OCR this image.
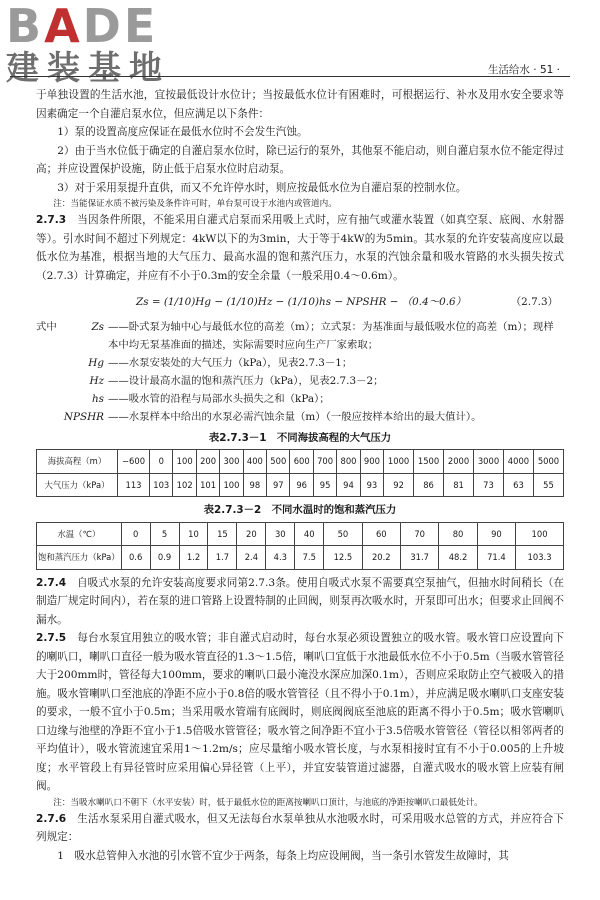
BADE
建装基地	生活给水 · 51 ·

于单独设置的生活水池，宜按最低设计水位计；当按最低水位计有困难时，可根据运行、补水及用水安全要求等因素确定一个自灌启泵水位，但应满足以下条件：

1）泵的设置高度应保证在最低水位时不会发生汽蚀。

2）由于当水位低于确定的自灌启泵水位时，除已运行的泵外，其他泵不能启动，则自灌启泵水位不能定得过高；并应设置保护设施，防止低于启泵水位时启动泵。

3）对于采用泵提升直供，而又不允许停水时，则应按最低水位为自灌启泵的控制水位。

注：当能保证水质不被污染及条件许可时，单台泵可设于水池内或管道内。

2.7.3　 当因条件所限，不能采用自灌式启泵而采用吸上式时，应有抽气或灌水装置（如真空泵、底阀、水射器等）。引水时间不超过下列规定：4kW以下的为3min，大于等于4kW的为5min。其水泵的允许安装高度应以最低水位为基准，根据当地的大气压力、最高水温的饱和蒸汽压力，水泵的汽蚀余量和吸水管路的水头损失按式（2.7.3）计算确定，并应有不小于0.3m的安全余量（一般采用0.4～0.6m）。

Zs = (1/10)Hg − (1/10)Hz − (1/10)hs − NPSHR − （0.4～0.6）	（2.7.3）
式中	Zs ——卧式泵为轴中心与最低水位的高差（m）；立式泵：为基准面与最低吸水位的高差（m）；现样本中均无泵基准面的描述，实际需要时应向生产厂家索取；
Hg ——水泵安装处的大气压力（kPa），见表2.7.3－1；
Hz ——设计最高水温的饱和蒸汽压力（kPa），见表2.7.3－2；
hs ——吸水管的沿程与局部水头损失之和（kPa）；
NPSHR ——水泵样本中给出的水泵必需汽蚀余量（m）（一般应按样本给出的最大值计）。
表2.7.3－1　不同海拔高程的大气压力
海拔高程（m）	−600	0	100	200	300	400	500	600	700	800	900	1000	1500	2000	3000	4000	5000
大气压力（kPa）	113	103	102	101	100	98	97	96	95	94	93	92	86	81	73	63	55
表2.7.3－2　不同水温时的饱和蒸汽压力
水温（℃）	0	5	10	15	20	30	40	50	60	70	80	90	100
饱和蒸汽压力（kPa）	0.6	0.9	1.2	1.7	2.4	4.3	7.5	12.5	20.2	31.7	48.2	71.4	103.3

2.7.4　 自吸式水泵的允许安装高度要求同第2.7.3条。使用自吸式水泵不需要真空泵抽气，但抽水时间稍长（在制造厂规定时间内），若在泵的进口管路上设置特制的止回阀，则泵再次吸水时，开泵即可出水；但要求止回阀不漏水。

2.7.5　 每台水泵宜用独立的吸水管；非自灌式启动时，每台水泵必须设置独立的吸水管。吸水管口应设置向下的喇叭口，喇叭口直径一般为吸水管直径的1.3～1.5倍，喇叭口宜低于水池最低水位不小于0.5m（当吸水管管径大于200mm时，管径每大100mm，要求的喇叭口最小淹没水深应加深0.1m），否则应采取防止空气被吸入的措施。吸水管喇叭口至池底的净距不应小于0.8倍的吸水管管径（且不得小于0.1m），并应满足吸水喇叭口支座安装的要求，一般不宜小于0.5m；当采用吸水管端有底阀时，则底阀阀底至池底的距离不得小于0.5m；吸水管喇叭口边缘与池壁的净距不宜小于1.5倍吸水管管径；吸水管之间净距不宜小于3.5倍吸水管管径（管径以相邻两者的平均值计），吸水管流速宜采用1～1.2m/s；应尽量缩小吸水管长度，与水泵相接时宜有不小于0.005的上升坡度；水平管段上有异径管时应采用偏心异径管（上平），并宜安装管道过滤器，自灌式吸水的吸水管上应装有闸阀。

注：当吸水喇叭口不朝下（水平安装）时，低于最低水位的距离按喇叭口顶计，与池底的净距按喇叭口最低处计。

2.7.6　 生活水泵采用自灌式吸水，但又无法每台水泵单独从水池吸水时，可采用吸水总管的方式，并应符合下列规定：

1　吸水总管伸入水池的引水管不宜少于两条，每条上均应设闸阀，当一条引水管发生故障时，其
